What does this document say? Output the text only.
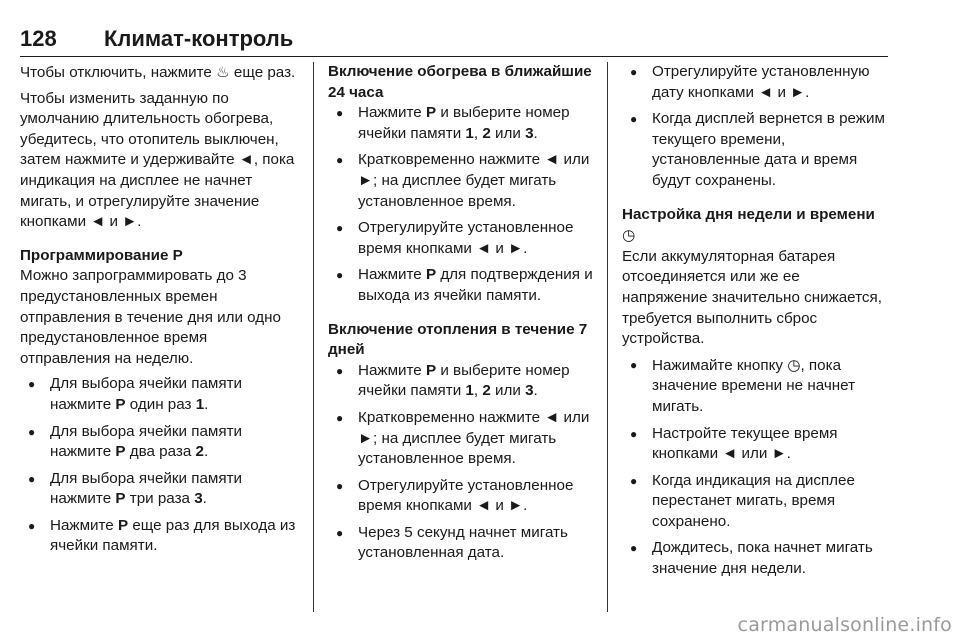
128	Климат-контроль

Чтобы отключить, нажмите ♨ еще раз.

Чтобы изменить заданную по умолчанию длительность обогрева, убедитесь, что отопитель выключен, затем нажмите и удерживайте ◄, пока индикация на дисплее не начнет мигать, и отрегулируйте значение кнопками ◄ и ►.

Программирование P

Можно запрограммировать до 3 предустановленных времен отправления в течение дня или одно предустановленное время отправления на неделю.

● Для выбора ячейки памяти нажмите P один раз 1.
● Для выбора ячейки памяти нажмите P два раза 2.
● Для выбора ячейки памяти нажмите P три раза 3.
● Нажмите P еще раз для выхода из ячейки памяти.

Включение обогрева в ближайшие 24 часа

● Нажмите P и выберите номер ячейки памяти 1, 2 или 3.
● Кратковременно нажмите ◄ или ►; на дисплее будет мигать установленное время.
● Отрегулируйте установленное время кнопками ◄ и ►.
● Нажмите P для подтверждения и выхода из ячейки памяти.

Включение отопления в течение 7 дней

● Нажмите P и выберите номер ячейки памяти 1, 2 или 3.
● Кратковременно нажмите ◄ или ►; на дисплее будет мигать установленное время.
● Отрегулируйте установленное время кнопками ◄ и ►.
● Через 5 секунд начнет мигать установленная дата.
● Отрегулируйте установленную дату кнопками ◄ и ►.
● Когда дисплей вернется в режим текущего времени, установленные дата и время будут сохранены.

Настройка дня недели и времени ◷

Если аккумуляторная батарея отсоединяется или же ее напряжение значительно снижается, требуется выполнить сброс устройства.

● Нажимайте кнопку ◷, пока значение времени не начнет мигать.
● Настройте текущее время кнопками ◄ или ►.
● Когда индикация на дисплее перестанет мигать, время сохранено.
● Дождитесь, пока начнет мигать значение дня недели.
carmanualsonline.info
